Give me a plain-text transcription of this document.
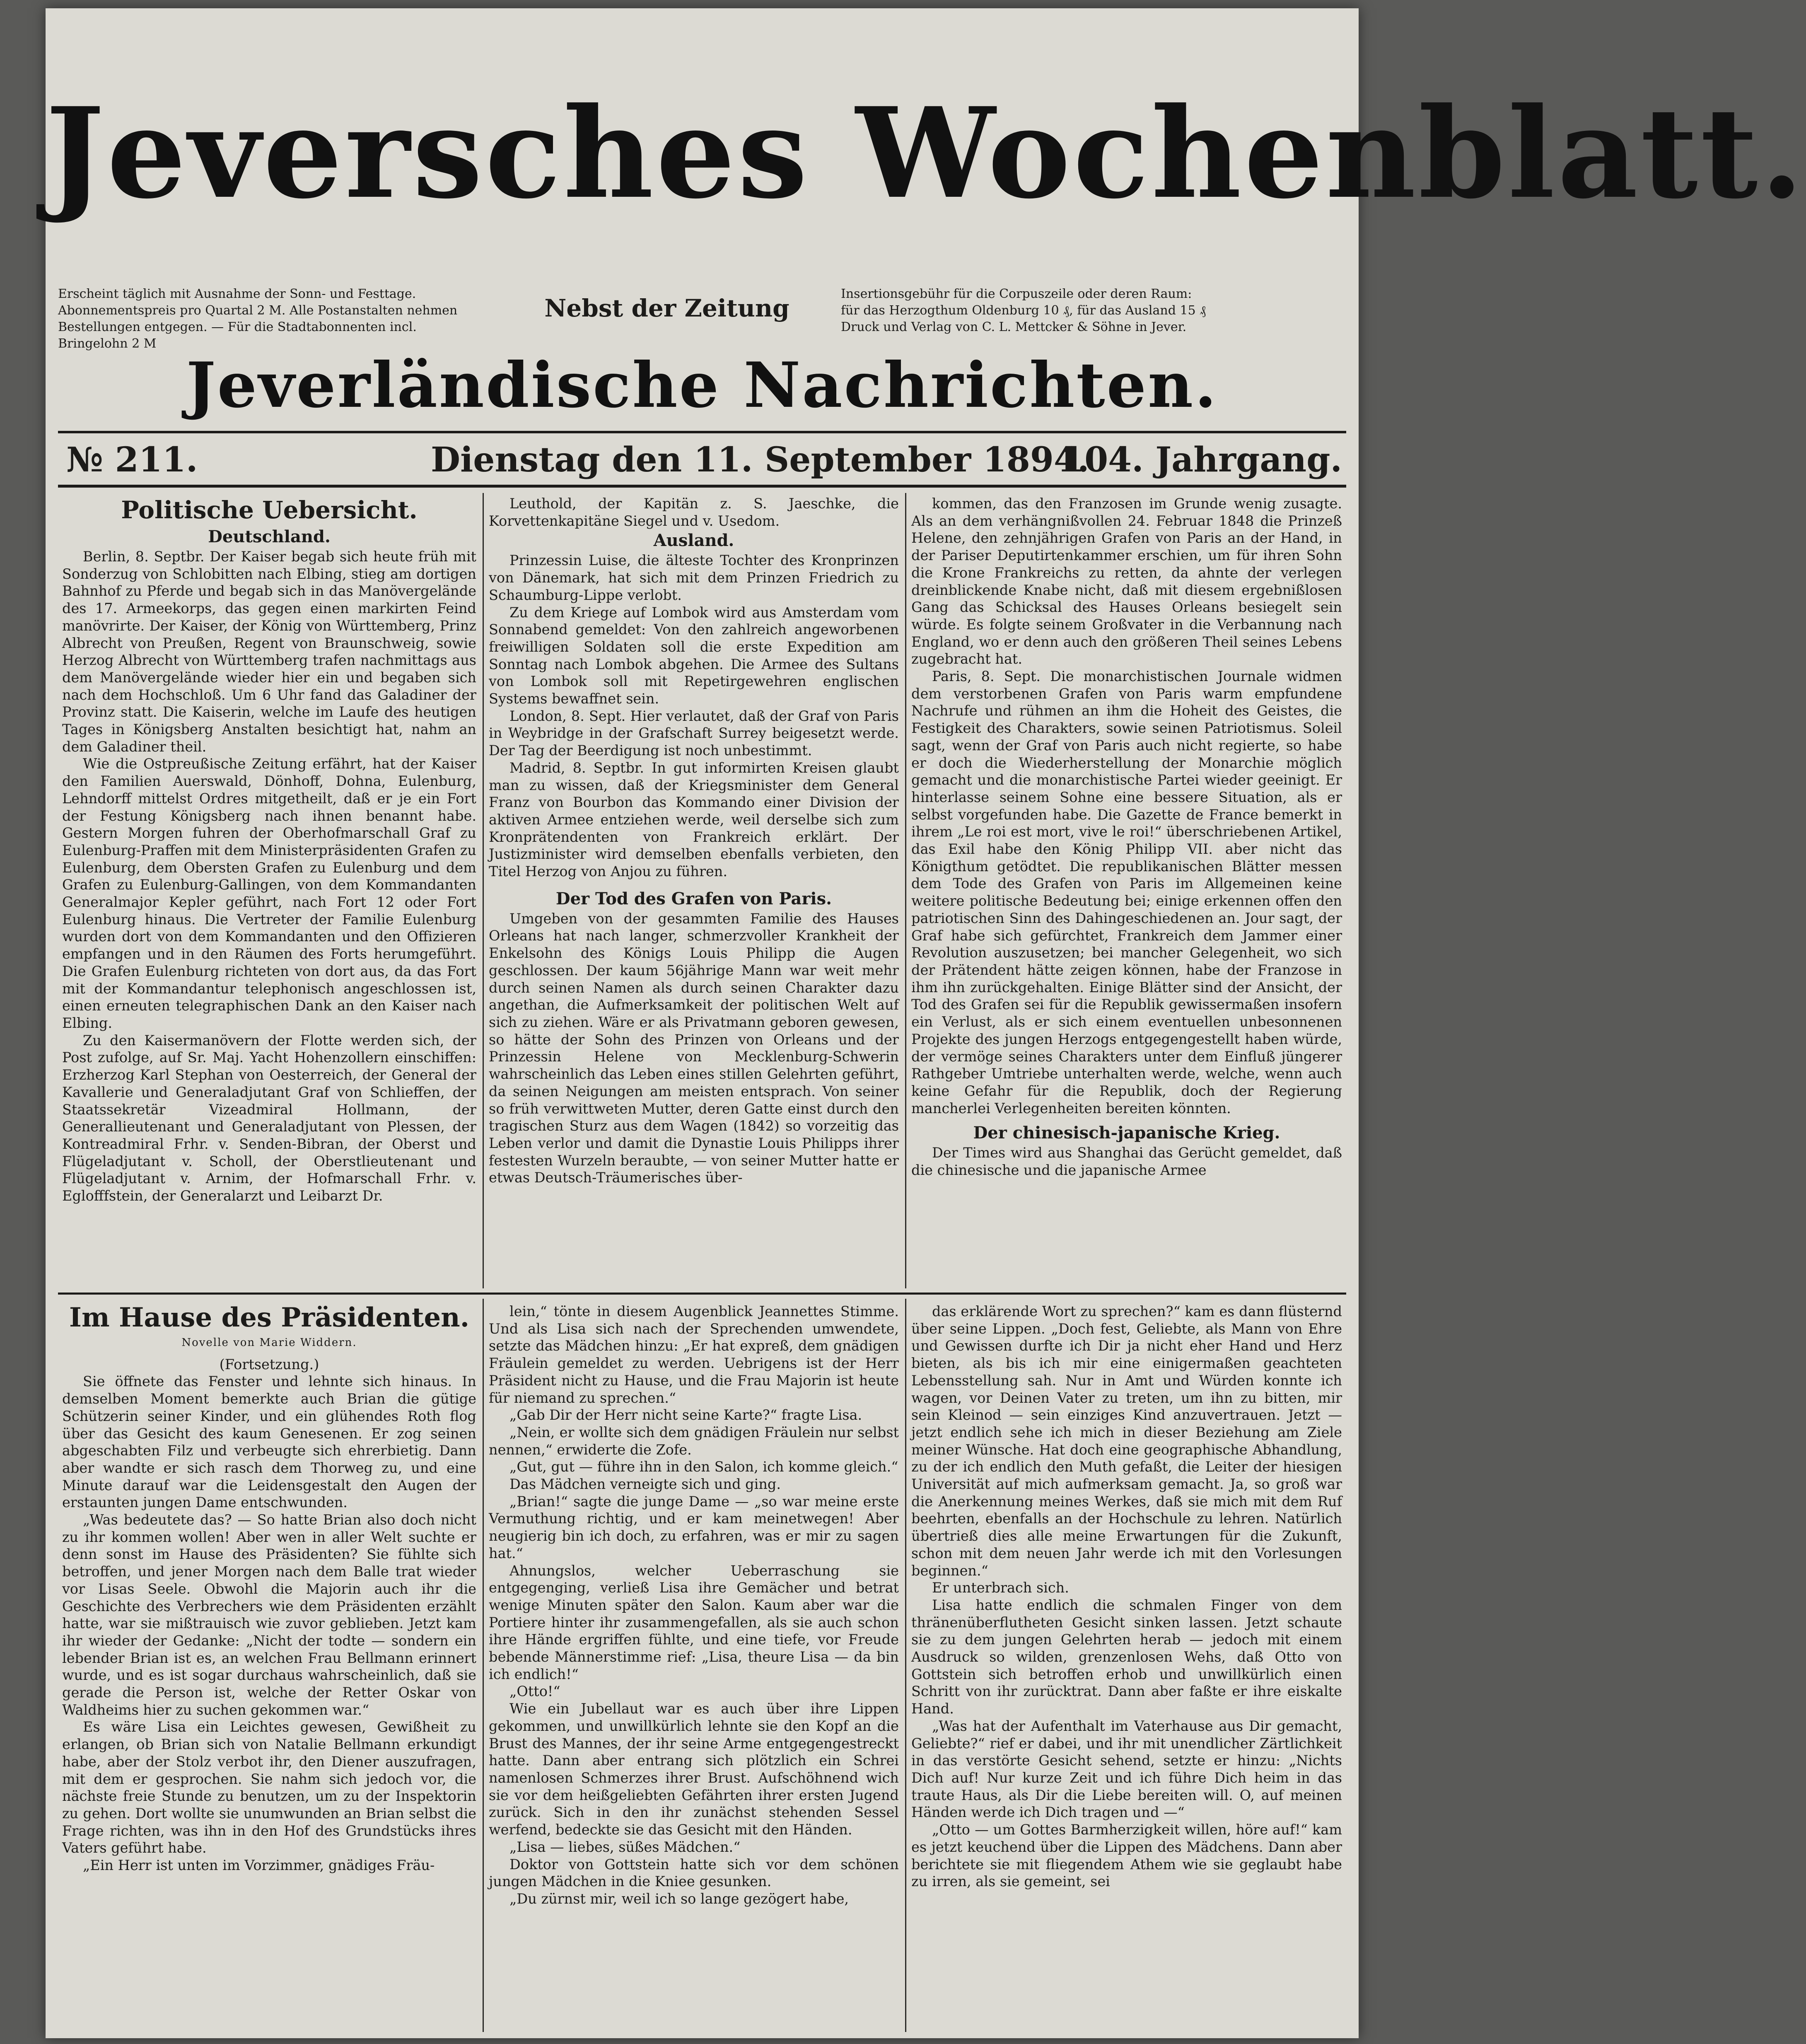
Jeversches Wochenblatt.
Erscheint täglich mit Ausnahme der Sonn- und Festtage.
Abonnementspreis pro Quartal 2 M. Alle Postanstalten nehmen
Bestellungen entgegen. — Für die Stadtabonnenten incl. Bringelohn 2 M
Nebst der Zeitung
Insertionsgebühr für die Corpuszeile oder deren Raum:
für das Herzogthum Oldenburg 10 ₰, für das Ausland 15 ₰
Druck und Verlag von C. L. Mettcker & Söhne in Jever.
Jeverländische Nachrichten.
№ 211.	Dienstag den 11. September 1894.
104. Jahrgang.
Politische Uebersicht.
Deutschland.

Berlin, 8. Septbr. Der Kaiser begab sich heute früh mit Sonderzug von Schlobitten nach Elbing, stieg am dortigen Bahnhof zu Pferde und begab sich in das Manövergelände des 17. Armeekorps, das gegen einen markirten Feind manövrirte. Der Kaiser, der König von Württemberg, Prinz Albrecht von Preußen, Regent von Braunschweig, sowie Herzog Albrecht von Württemberg trafen nachmittags aus dem Manövergelände wieder hier ein und begaben sich nach dem Hochschloß. Um 6 Uhr fand das Galadiner der Provinz statt. Die Kaiserin, welche im Laufe des heutigen Tages in Königsberg Anstalten besichtigt hat, nahm an dem Galadiner theil.

Wie die Ostpreußische Zeitung erfährt, hat der Kaiser den Familien Auerswald, Dönhoff, Dohna, Eulenburg, Lehndorff mittelst Ordres mitgetheilt, daß er je ein Fort der Festung Königsberg nach ihnen benannt habe. Gestern Morgen fuhren der Oberhofmarschall Graf zu Eulenburg-Praffen mit dem Ministerpräsidenten Grafen zu Eulenburg, dem Obersten Grafen zu Eulenburg und dem Grafen zu Eulenburg-Gallingen, von dem Kommandanten Generalmajor Kepler geführt, nach Fort 12 oder Fort Eulenburg hinaus. Die Vertreter der Familie Eulenburg wurden dort von dem Kommandanten und den Offizieren empfangen und in den Räumen des Forts herumgeführt. Die Grafen Eulenburg richteten von dort aus, da das Fort mit der Kommandantur telephonisch angeschlossen ist, einen erneuten telegraphischen Dank an den Kaiser nach Elbing.

Zu den Kaisermanövern der Flotte werden sich, der Post zufolge, auf Sr. Maj. Yacht Hohenzollern einschiffen: Erzherzog Karl Stephan von Oesterreich, der General der Kavallerie und Generaladjutant Graf von Schlieffen, der Staatssekretär Vizeadmiral Hollmann, der Generallieutenant und Generaladjutant von Plessen, der Kontreadmiral Frhr. v. Senden-Bibran, der Oberst und Flügeladjutant v. Scholl, der Oberstlieutenant und Flügeladjutant v. Arnim, der Hofmarschall Frhr. v. Eglofffstein, der Generalarzt und Leibarzt Dr.

Leuthold, der Kapitän z. S. Jaeschke, die Korvettenkapitäne Siegel und v. Usedom.

Ausland.

Prinzessin Luise, die älteste Tochter des Kronprinzen von Dänemark, hat sich mit dem Prinzen Friedrich zu Schaumburg-Lippe verlobt.

Zu dem Kriege auf Lombok wird aus Amsterdam vom Sonnabend gemeldet: Von den zahlreich angeworbenen freiwilligen Soldaten soll die erste Expedition am Sonntag nach Lombok abgehen. Die Armee des Sultans von Lombok soll mit Repetirgewehren englischen Systems bewaffnet sein.

London, 8. Sept. Hier verlautet, daß der Graf von Paris in Weybridge in der Grafschaft Surrey beigesetzt werde. Der Tag der Beerdigung ist noch unbestimmt.

Madrid, 8. Septbr. In gut informirten Kreisen glaubt man zu wissen, daß der Kriegsminister dem General Franz von Bourbon das Kommando einer Division der aktiven Armee entziehen werde, weil derselbe sich zum Kronprätendenten von Frankreich erklärt. Der Justizminister wird demselben ebenfalls verbieten, den Titel Herzog von Anjou zu führen.

Der Tod des Grafen von Paris.

Umgeben von der gesammten Familie des Hauses Orleans hat nach langer, schmerzvoller Krankheit der Enkelsohn des Königs Louis Philipp die Augen geschlossen. Der kaum 56jährige Mann war weit mehr durch seinen Namen als durch seinen Charakter dazu angethan, die Aufmerksamkeit der politischen Welt auf sich zu ziehen. Wäre er als Privatmann geboren gewesen, so hätte der Sohn des Prinzen von Orleans und der Prinzessin Helene von Mecklenburg-Schwerin wahrscheinlich das Leben eines stillen Gelehrten geführt, da seinen Neigungen am meisten entsprach. Von seiner so früh verwittweten Mutter, deren Gatte einst durch den tragischen Sturz aus dem Wagen (1842) so vorzeitig das Leben verlor und damit die Dynastie Louis Philipps ihrer festesten Wurzeln beraubte, — von seiner Mutter hatte er etwas Deutsch-Träumerisches über-

kommen, das den Franzosen im Grunde wenig zusagte. Als an dem verhängnißvollen 24. Februar 1848 die Prinzeß Helene, den zehnjährigen Grafen von Paris an der Hand, in der Pariser Deputirtenkammer erschien, um für ihren Sohn die Krone Frankreichs zu retten, da ahnte der verlegen dreinblickende Knabe nicht, daß mit diesem ergebnißlosen Gang das Schicksal des Hauses Orleans besiegelt sein würde. Es folgte seinem Großvater in die Verbannung nach England, wo er denn auch den größeren Theil seines Lebens zugebracht hat.

Paris, 8. Sept. Die monarchistischen Journale widmen dem verstorbenen Grafen von Paris warm empfundene Nachrufe und rühmen an ihm die Hoheit des Geistes, die Festigkeit des Charakters, sowie seinen Patriotismus. Soleil sagt, wenn der Graf von Paris auch nicht regierte, so habe er doch die Wiederherstellung der Monarchie möglich gemacht und die monarchistische Partei wieder geeinigt. Er hinterlasse seinem Sohne eine bessere Situation, als er selbst vorgefunden habe. Die Gazette de France bemerkt in ihrem „Le roi est mort, vive le roi!“ überschriebenen Artikel, das Exil habe den König Philipp VII. aber nicht das Königthum getödtet. Die republikanischen Blätter messen dem Tode des Grafen von Paris im Allgemeinen keine weitere politische Bedeutung bei; einige erkennen offen den patriotischen Sinn des Dahingeschiedenen an. Jour sagt, der Graf habe sich gefürchtet, Frankreich dem Jammer einer Revolution auszusetzen; bei mancher Gelegenheit, wo sich der Prätendent hätte zeigen können, habe der Franzose in ihm ihn zurückgehalten. Einige Blätter sind der Ansicht, der Tod des Grafen sei für die Republik gewissermaßen insofern ein Verlust, als er sich einem eventuellen unbesonnenen Projekte des jungen Herzogs entgegengestellt haben würde, der vermöge seines Charakters unter dem Einfluß jüngerer Rathgeber Umtriebe unterhalten werde, welche, wenn auch keine Gefahr für die Republik, doch der Regierung mancherlei Verlegenheiten bereiten könnten.

Der chinesisch-japanische Krieg.

Der Times wird aus Shanghai das Gerücht gemeldet, daß die chinesische und die japanische Armee

Im Hause des Präsidenten.

Novelle von Marie Widdern.

(Fortsetzung.)

Sie öffnete das Fenster und lehnte sich hinaus. In demselben Moment bemerkte auch Brian die gütige Schützerin seiner Kinder, und ein glühendes Roth flog über das Gesicht des kaum Genesenen. Er zog seinen abgeschabten Filz und verbeugte sich ehrerbietig. Dann aber wandte er sich rasch dem Thorweg zu, und eine Minute darauf war die Leidensgestalt den Augen der erstaunten jungen Dame entschwunden.

„Was bedeutete das? — So hatte Brian also doch nicht zu ihr kommen wollen! Aber wen in aller Welt suchte er denn sonst im Hause des Präsidenten? Sie fühlte sich betroffen, und jener Morgen nach dem Balle trat wieder vor Lisas Seele. Obwohl die Majorin auch ihr die Geschichte des Verbrechers wie dem Präsidenten erzählt hatte, war sie mißtrauisch wie zuvor geblieben. Jetzt kam ihr wieder der Gedanke: „Nicht der todte — sondern ein lebender Brian ist es, an welchen Frau Bellmann erinnert wurde, und es ist sogar durchaus wahrscheinlich, daß sie gerade die Person ist, welche der Retter Oskar von Waldheims hier zu suchen gekommen war.“

Es wäre Lisa ein Leichtes gewesen, Gewißheit zu erlangen, ob Brian sich von Natalie Bellmann erkundigt habe, aber der Stolz verbot ihr, den Diener auszufragen, mit dem er gesprochen. Sie nahm sich jedoch vor, die nächste freie Stunde zu benutzen, um zu der Inspektorin zu gehen. Dort wollte sie unumwunden an Brian selbst die Frage richten, was ihn in den Hof des Grundstücks ihres Vaters geführt habe.

„Ein Herr ist unten im Vorzimmer, gnädiges Fräu-

lein,“ tönte in diesem Augenblick Jeannettes Stimme. Und als Lisa sich nach der Sprechenden umwendete, setzte das Mädchen hinzu: „Er hat expreß, dem gnädigen Fräulein gemeldet zu werden. Uebrigens ist der Herr Präsident nicht zu Hause, und die Frau Majorin ist heute für niemand zu sprechen.“

„Gab Dir der Herr nicht seine Karte?“ fragte Lisa.

„Nein, er wollte sich dem gnädigen Fräulein nur selbst nennen,“ erwiderte die Zofe.

„Gut, gut — führe ihn in den Salon, ich komme gleich.“

Das Mädchen verneigte sich und ging.

„Brian!“ sagte die junge Dame — „so war meine erste Vermuthung richtig, und er kam meinetwegen! Aber neugierig bin ich doch, zu erfahren, was er mir zu sagen hat.“

Ahnungslos, welcher Ueberraschung sie entgegenging, verließ Lisa ihre Gemächer und betrat wenige Minuten später den Salon. Kaum aber war die Portiere hinter ihr zusammengefallen, als sie auch schon ihre Hände ergriffen fühlte, und eine tiefe, vor Freude bebende Männerstimme rief: „Lisa, theure Lisa — da bin ich endlich!“

„Otto!“

Wie ein Jubellaut war es auch über ihre Lippen gekommen, und unwillkürlich lehnte sie den Kopf an die Brust des Mannes, der ihr seine Arme entgegengestreckt hatte. Dann aber entrang sich plötzlich ein Schrei namenlosen Schmerzes ihrer Brust. Aufschöhnend wich sie vor dem heißgeliebten Gefährten ihrer ersten Jugend zurück. Sich in den ihr zunächst stehenden Sessel werfend, bedeckte sie das Gesicht mit den Händen.

„Lisa — liebes, süßes Mädchen.“

Doktor von Gottstein hatte sich vor dem schönen jungen Mädchen in die Kniee gesunken.

„Du zürnst mir, weil ich so lange gezögert habe,

das erklärende Wort zu sprechen?“ kam es dann flüsternd über seine Lippen. „Doch fest, Geliebte, als Mann von Ehre und Gewissen durfte ich Dir ja nicht eher Hand und Herz bieten, als bis ich mir eine einigermaßen geachteten Lebensstellung sah. Nur in Amt und Würden konnte ich wagen, vor Deinen Vater zu treten, um ihn zu bitten, mir sein Kleinod — sein einziges Kind anzuvertrauen. Jetzt — jetzt endlich sehe ich mich in dieser Beziehung am Ziele meiner Wünsche. Hat doch eine geographische Abhandlung, zu der ich endlich den Muth gefaßt, die Leiter der hiesigen Universität auf mich aufmerksam gemacht. Ja, so groß war die Anerkennung meines Werkes, daß sie mich mit dem Ruf beehrten, ebenfalls an der Hochschule zu lehren. Natürlich übertrieß dies alle meine Erwartungen für die Zukunft, schon mit dem neuen Jahr werde ich mit den Vorlesungen beginnen.“

Er unterbrach sich.

Lisa hatte endlich die schmalen Finger von dem thränenüberflutheten Gesicht sinken lassen. Jetzt schaute sie zu dem jungen Gelehrten herab — jedoch mit einem Ausdruck so wilden, grenzenlosen Wehs, daß Otto von Gottstein sich betroffen erhob und unwillkürlich einen Schritt von ihr zurücktrat. Dann aber faßte er ihre eiskalte Hand.

„Was hat der Aufenthalt im Vaterhause aus Dir gemacht, Geliebte?“ rief er dabei, und ihr mit unendlicher Zärtlichkeit in das verstörte Gesicht sehend, setzte er hinzu: „Nichts Dich auf! Nur kurze Zeit und ich führe Dich heim in das traute Haus, als Dir die Liebe bereiten will. O, auf meinen Händen werde ich Dich tragen und —“

„Otto — um Gottes Barmherzigkeit willen, höre auf!“ kam es jetzt keuchend über die Lippen des Mädchens. Dann aber berichtete sie mit fliegendem Athem wie sie geglaubt habe zu irren, als sie gemeint, sei
